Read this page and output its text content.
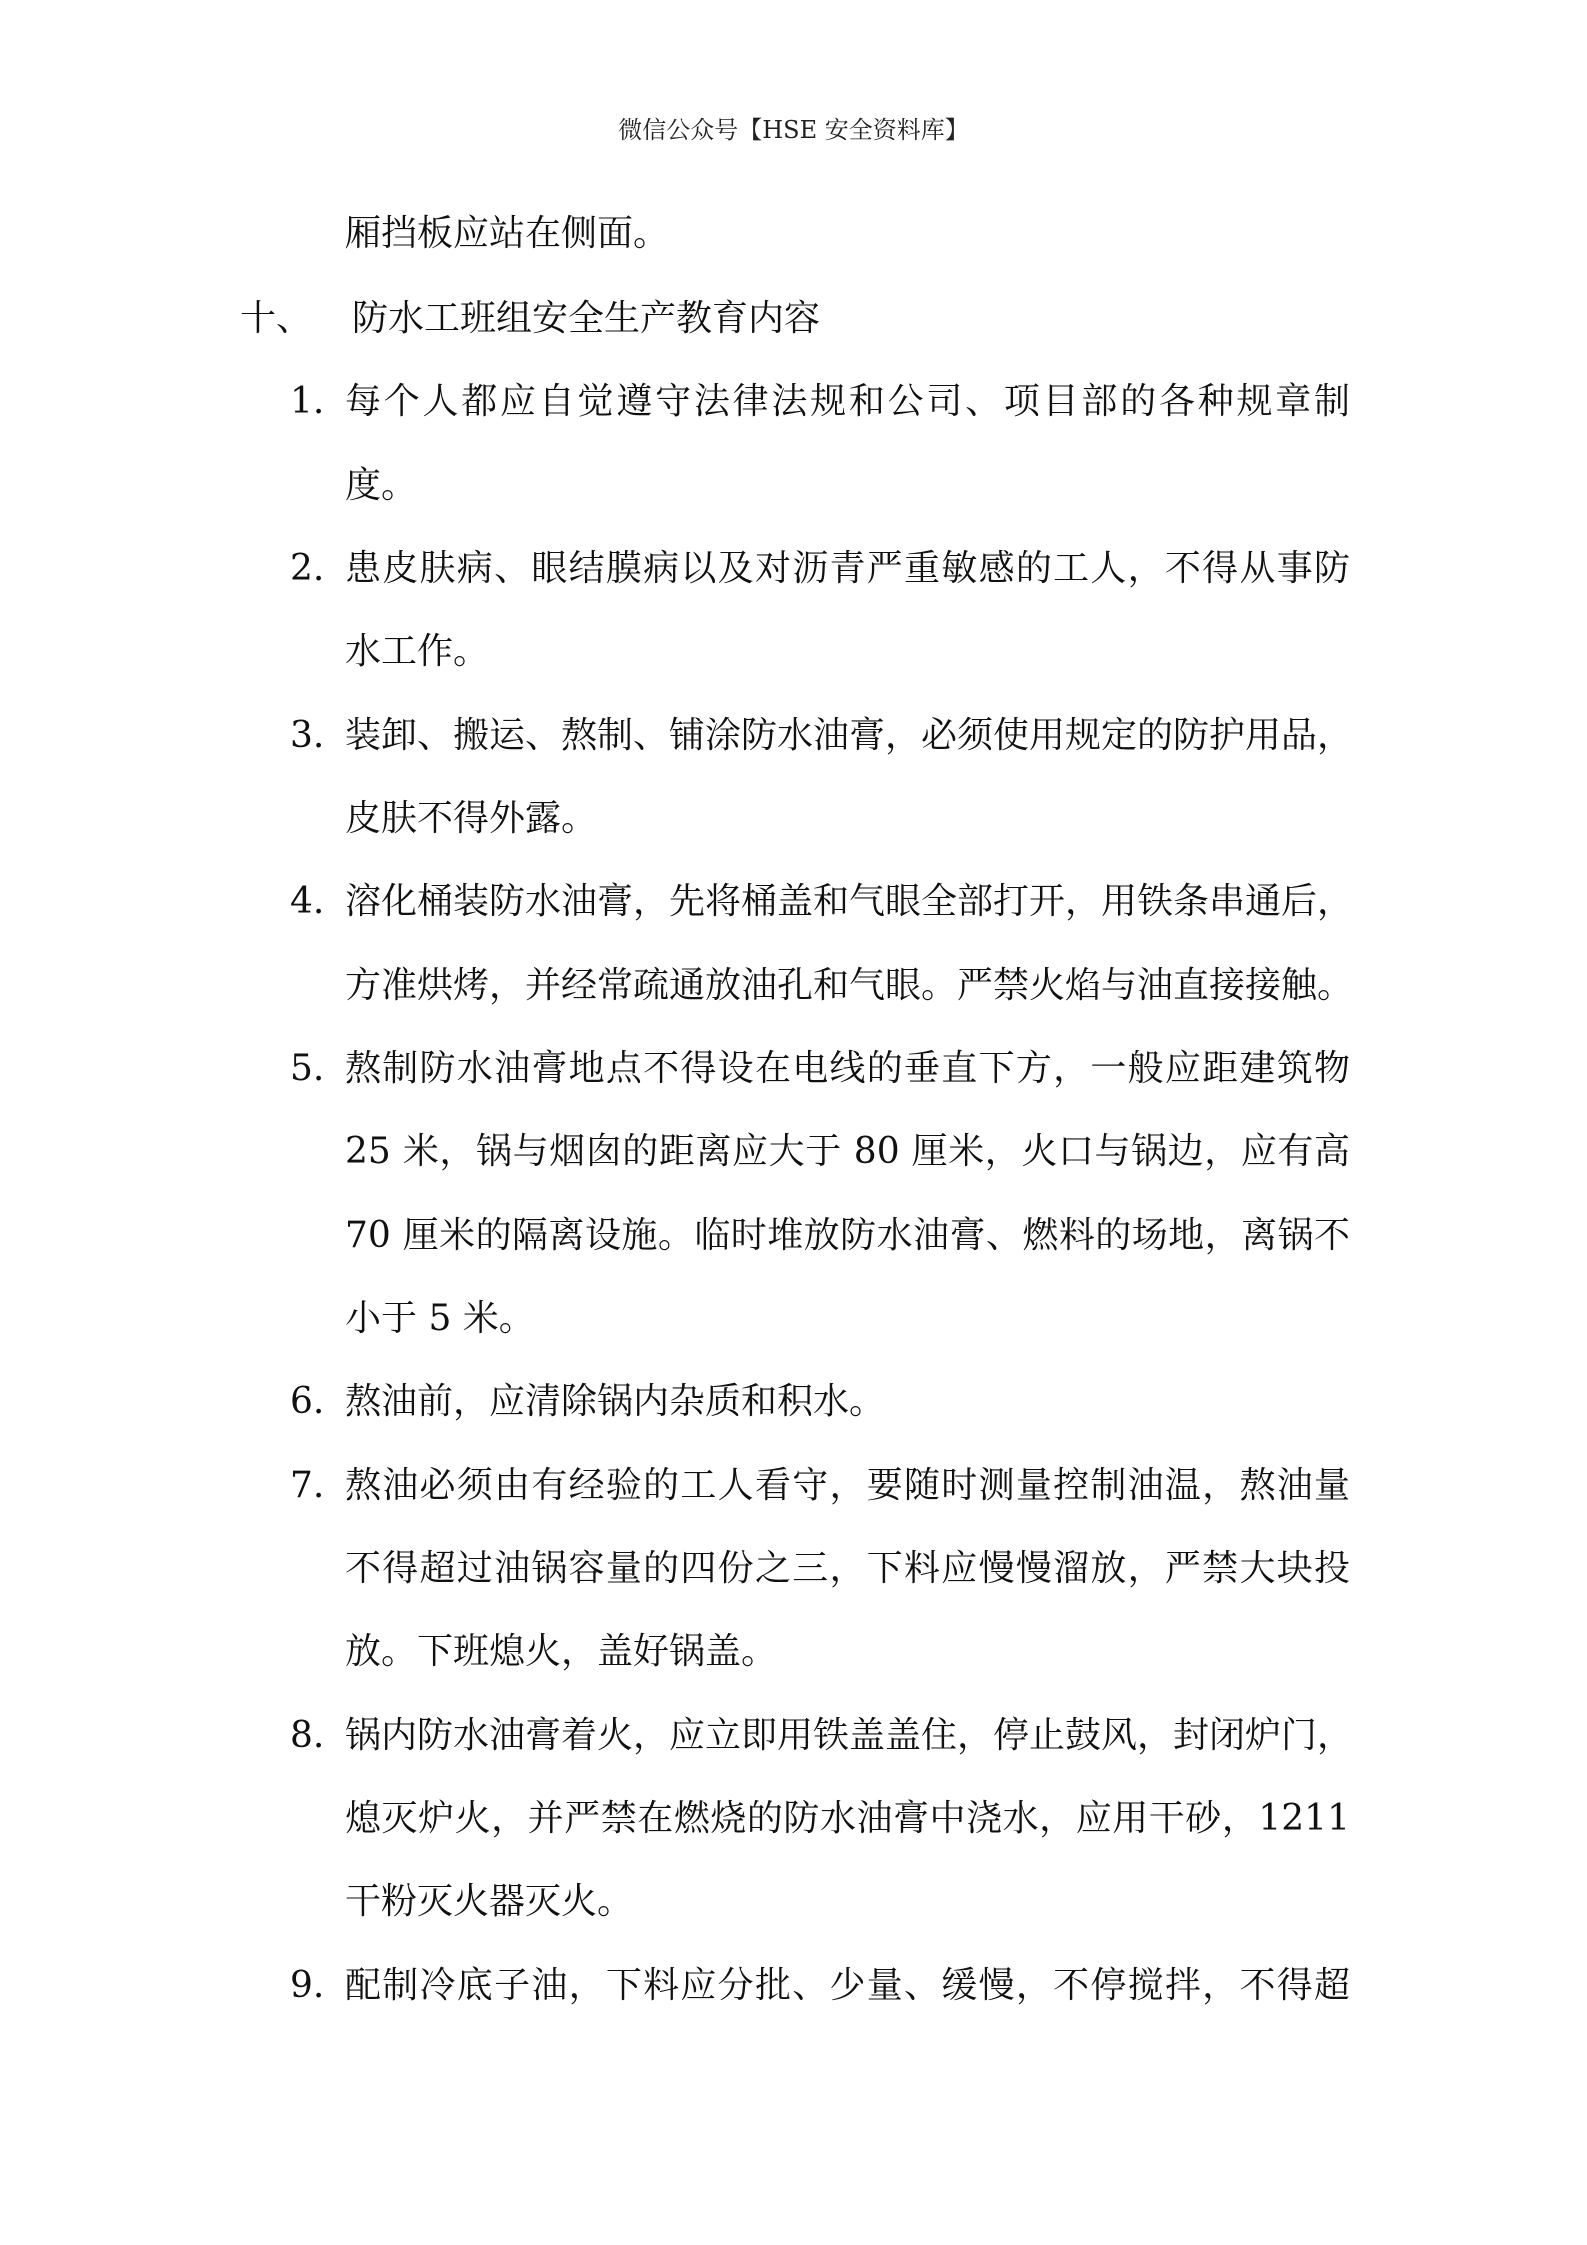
微信公众号【HSE 安全资料库】
厢挡板应站在侧面。
十、 防水工班组安全生产教育内容
1. 每个人都应自觉遵守法律法规和公司、项目部的各种规章制
度。
2. 患皮肤病、眼结膜病以及对沥青严重敏感的工人，不得从事防
水工作。
3. 装卸、搬运、熬制、铺涂防水油膏，必须使用规定的防护用品，
皮肤不得外露。
4. 溶化桶装防水油膏，先将桶盖和气眼全部打开，用铁条串通后，
方准烘烤，并经常疏通放油孔和气眼。严禁火焰与油直接接触。
5. 熬制防水油膏地点不得设在电线的垂直下方，一般应距建筑物
25 米，锅与烟囱的距离应大于 80 厘米，火口与锅边，应有高
70 厘米的隔离设施。临时堆放防水油膏、燃料的场地，离锅不
小于 5 米。
6. 熬油前，应清除锅内杂质和积水。
7. 熬油必须由有经验的工人看守，要随时测量控制油温，熬油量
不得超过油锅容量的四份之三，下料应慢慢溜放，严禁大块投
放。下班熄火，盖好锅盖。
8. 锅内防水油膏着火，应立即用铁盖盖住，停止鼓风，封闭炉门，
熄灭炉火，并严禁在燃烧的防水油膏中浇水，应用干砂，1211
干粉灭火器灭火。
9. 配制冷底子油，下料应分批、少量、缓慢，不停搅拌，不得超
